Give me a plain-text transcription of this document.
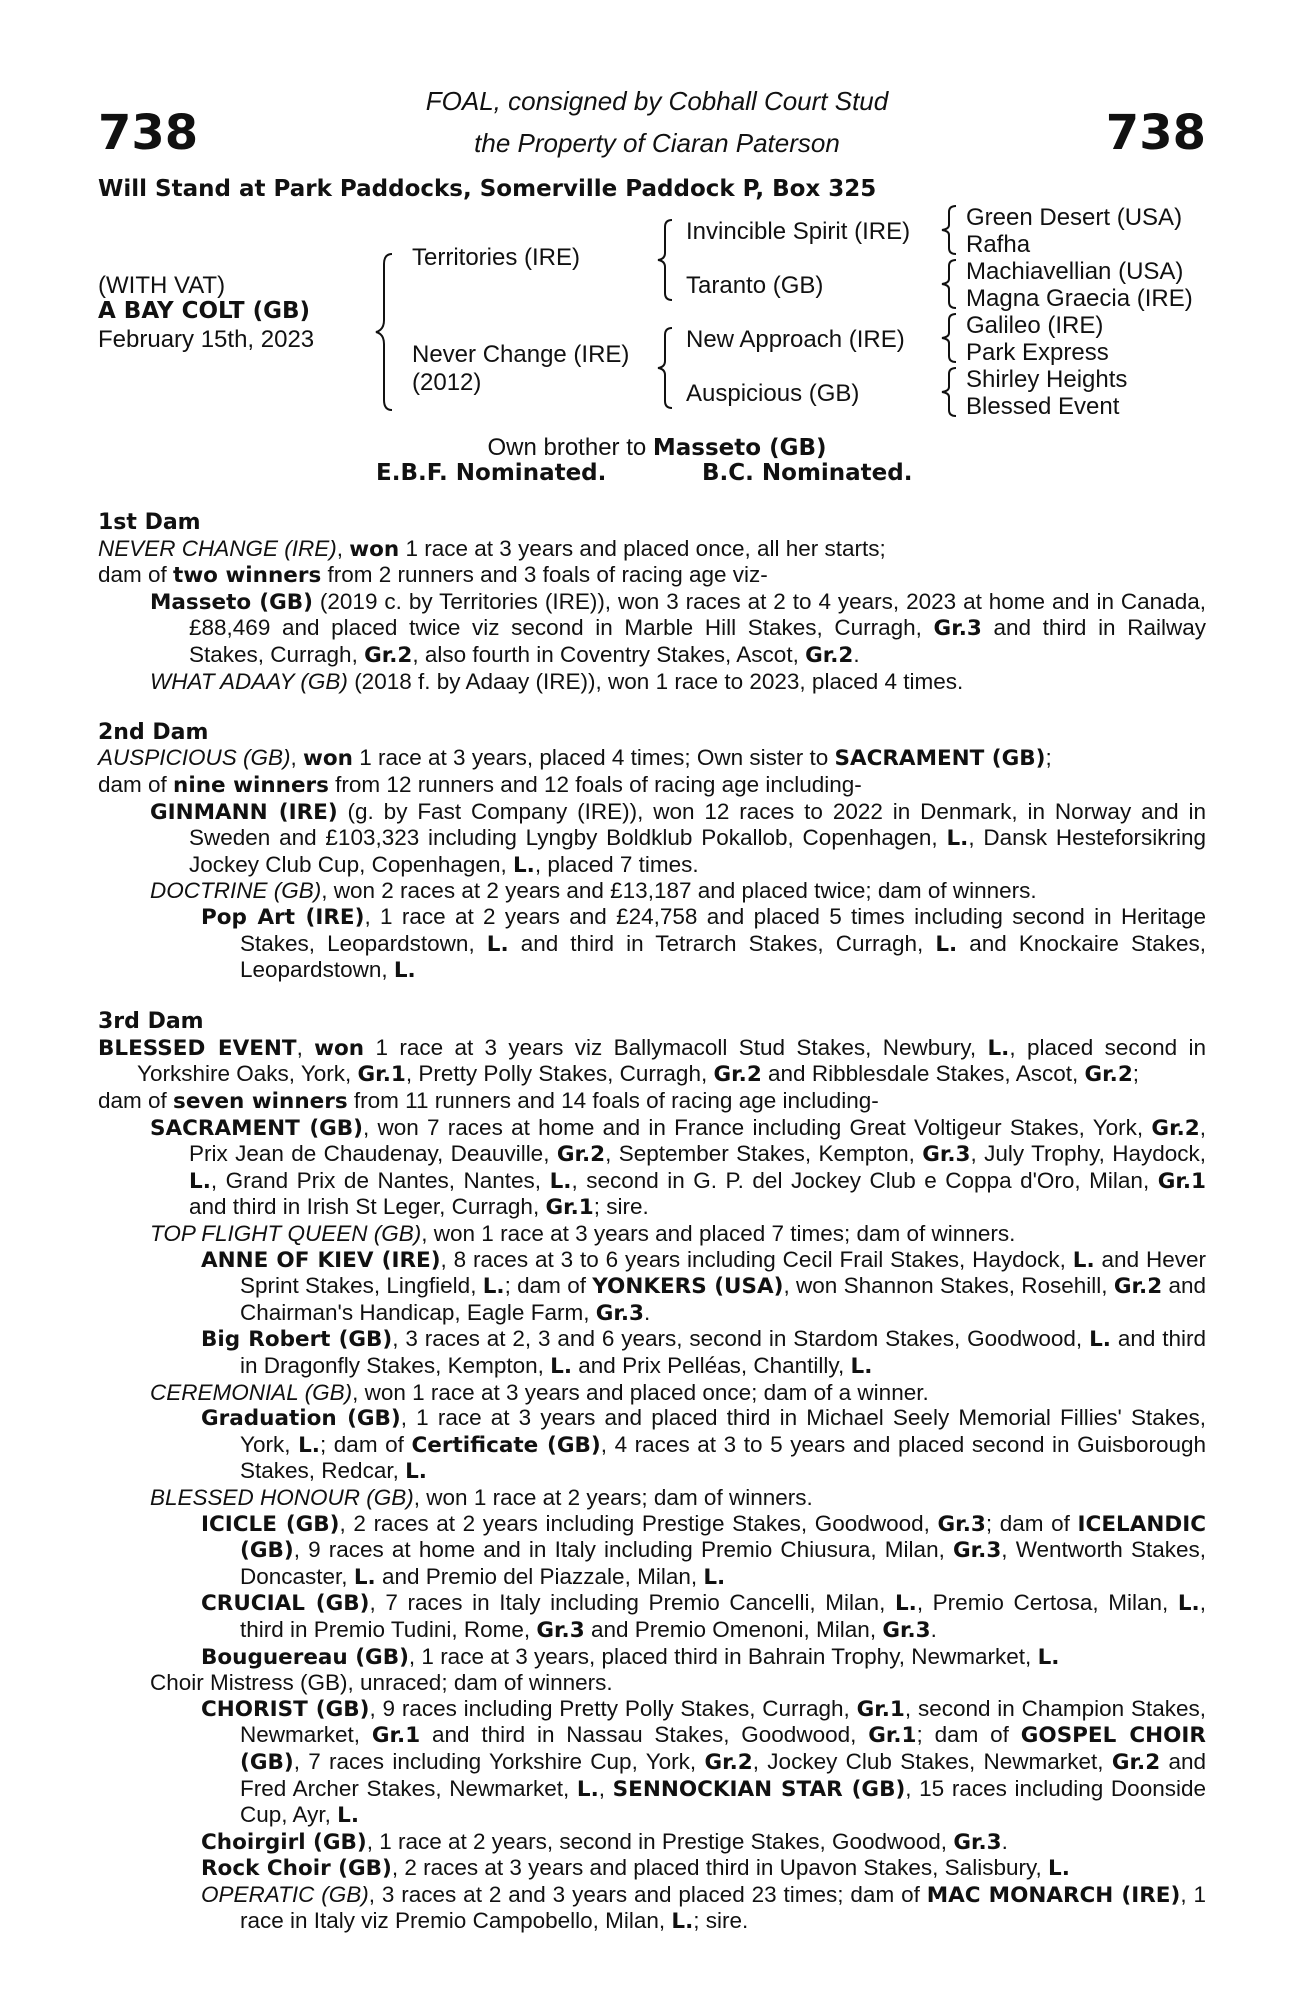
738	738
FOAL, consigned by Cobhall Court Stud
the Property of Ciaran Paterson
Will Stand at Park Paddocks, Somerville Paddock P, Box 325
(WITH VAT)
A BAY COLT (GB)
February 15th, 2023
Territories (IRE)
Never Change (IRE)
(2012)
Invincible Spirit (IRE)
Taranto (GB)
New Approach (IRE)
Auspicious (GB)
Green Desert (USA)
Rafha
Machiavellian (USA)
Magna Graecia (IRE)
Galileo (IRE)
Park Express
Shirley Heights
Blessed Event
Own brother to Masseto (GB)
E.B.F. Nominated.	B.C. Nominated.
1st Dam
NEVER CHANGE (IRE), won 1 race at 3 years and placed once, all her starts;
dam of two winners from 2 runners and 3 foals of racing age viz-
Masseto (GB) (2019 c. by Territories (IRE)), won 3 races at 2 to 4 years, 2023 at home and in Canada, £88,469 and placed twice viz second in Marble Hill Stakes, Curragh, Gr.3 and third in Railway Stakes, Curragh, Gr.2, also fourth in Coventry Stakes, Ascot, Gr.2.
WHAT ADAAY (GB) (2018 f. by Adaay (IRE)), won 1 race to 2023, placed 4 times.
2nd Dam
AUSPICIOUS (GB), won 1 race at 3 years, placed 4 times; Own sister to SACRAMENT (GB);
dam of nine winners from 12 runners and 12 foals of racing age including-
GINMANN (IRE) (g. by Fast Company (IRE)), won 12 races to 2022 in Denmark, in Norway and in Sweden and £103,323 including Lyngby Boldklub Pokallob, Copenhagen, L., Dansk Hesteforsikring Jockey Club Cup, Copenhagen, L., placed 7 times.
DOCTRINE (GB), won 2 races at 2 years and £13,187 and placed twice; dam of winners.
Pop Art (IRE), 1 race at 2 years and £24,758 and placed 5 times including second in Heritage Stakes, Leopardstown, L. and third in Tetrarch Stakes, Curragh, L. and Knockaire Stakes, Leopardstown, L.
3rd Dam
BLESSED EVENT, won 1 race at 3 years viz Ballymacoll Stud Stakes, Newbury, L., placed second in Yorkshire Oaks, York, Gr.1, Pretty Polly Stakes, Curragh, Gr.2 and Ribblesdale Stakes, Ascot, Gr.2;
dam of seven winners from 11 runners and 14 foals of racing age including-
SACRAMENT (GB), won 7 races at home and in France including Great Voltigeur Stakes, York, Gr.2, Prix Jean de Chaudenay, Deauville, Gr.2, September Stakes, Kempton, Gr.3, July Trophy, Haydock, L., Grand Prix de Nantes, Nantes, L., second in G. P. del Jockey Club e Coppa d'Oro, Milan, Gr.1 and third in Irish St Leger, Curragh, Gr.1; sire.
TOP FLIGHT QUEEN (GB), won 1 race at 3 years and placed 7 times; dam of winners.
ANNE OF KIEV (IRE), 8 races at 3 to 6 years including Cecil Frail Stakes, Haydock, L. and Hever Sprint Stakes, Lingfield, L.; dam of YONKERS (USA), won Shannon Stakes, Rosehill, Gr.2 and Chairman's Handicap, Eagle Farm, Gr.3.
Big Robert (GB), 3 races at 2, 3 and 6 years, second in Stardom Stakes, Goodwood, L. and third in Dragonfly Stakes, Kempton, L. and Prix Pelléas, Chantilly, L.
CEREMONIAL (GB), won 1 race at 3 years and placed once; dam of a winner.
Graduation (GB), 1 race at 3 years and placed third in Michael Seely Memorial Fillies' Stakes, York, L.; dam of Certificate (GB), 4 races at 3 to 5 years and placed second in Guisborough Stakes, Redcar, L.
BLESSED HONOUR (GB), won 1 race at 2 years; dam of winners.
ICICLE (GB), 2 races at 2 years including Prestige Stakes, Goodwood, Gr.3; dam of ICELANDIC (GB), 9 races at home and in Italy including Premio Chiusura, Milan, Gr.3, Wentworth Stakes, Doncaster, L. and Premio del Piazzale, Milan, L.
CRUCIAL (GB), 7 races in Italy including Premio Cancelli, Milan, L., Premio Certosa, Milan, L., third in Premio Tudini, Rome, Gr.3 and Premio Omenoni, Milan, Gr.3.
Bouguereau (GB), 1 race at 3 years, placed third in Bahrain Trophy, Newmarket, L.
Choir Mistress (GB), unraced; dam of winners.
CHORIST (GB), 9 races including Pretty Polly Stakes, Curragh, Gr.1, second in Champion Stakes, Newmarket, Gr.1 and third in Nassau Stakes, Goodwood, Gr.1; dam of GOSPEL CHOIR (GB), 7 races including Yorkshire Cup, York, Gr.2, Jockey Club Stakes, Newmarket, Gr.2 and Fred Archer Stakes, Newmarket, L., SENNOCKIAN STAR (GB), 15 races including Doonside Cup, Ayr, L.
Choirgirl (GB), 1 race at 2 years, second in Prestige Stakes, Goodwood, Gr.3.
Rock Choir (GB), 2 races at 3 years and placed third in Upavon Stakes, Salisbury, L.
OPERATIC (GB), 3 races at 2 and 3 years and placed 23 times; dam of MAC MONARCH (IRE), 1 race in Italy viz Premio Campobello, Milan, L.; sire.
